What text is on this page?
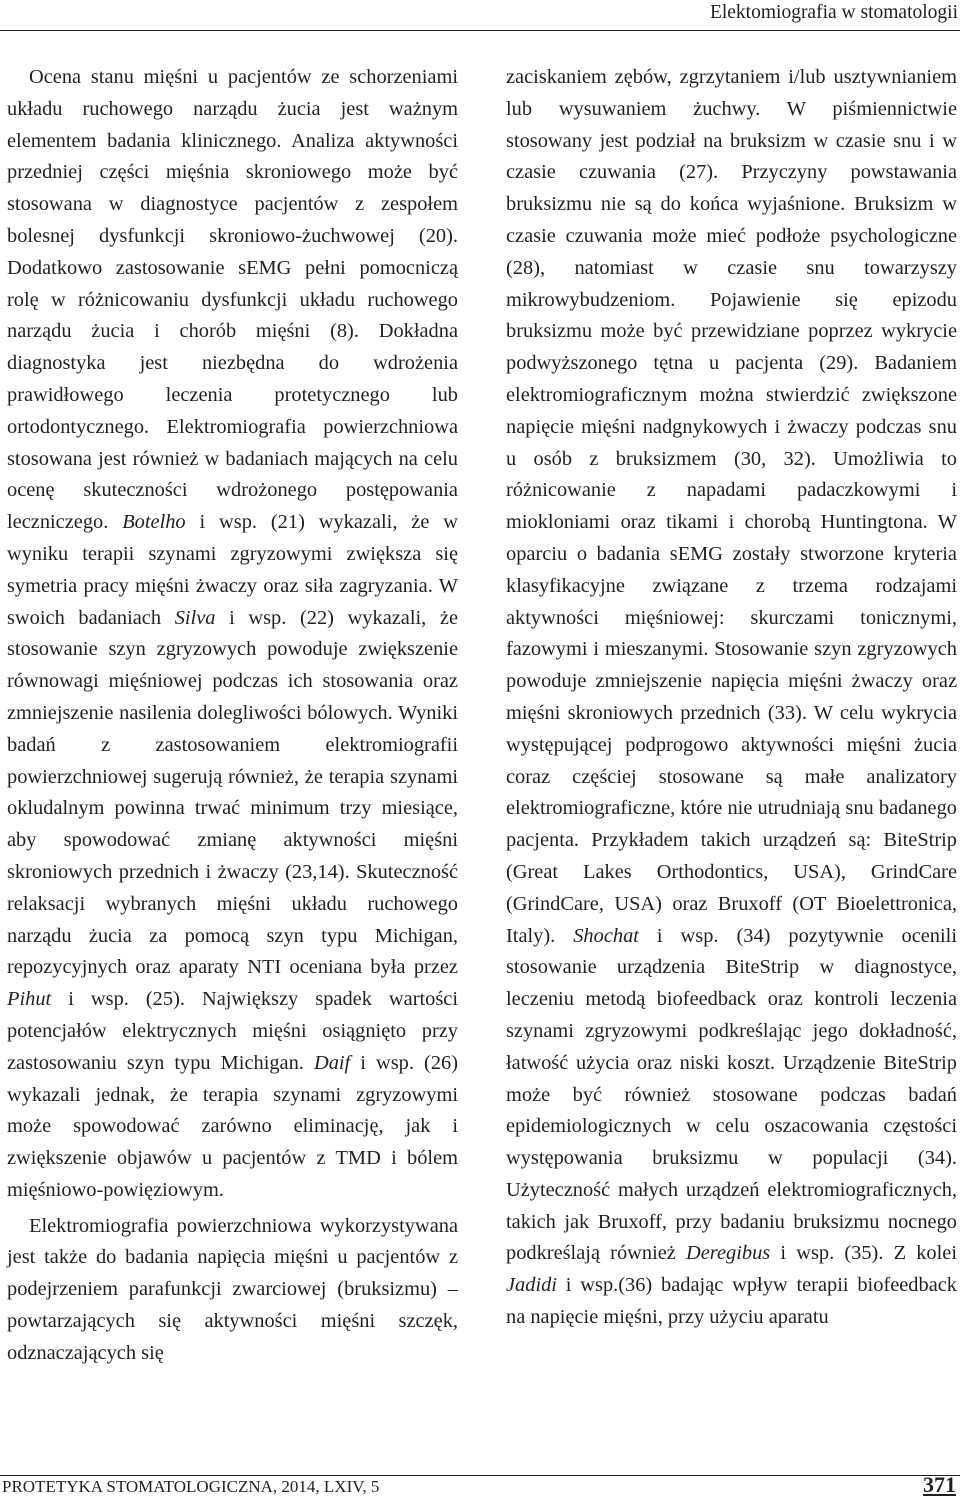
Elektomiografia w stomatologii

Ocena stanu mięśni u pacjentów ze schorzeniami układu ruchowego narządu żucia jest ważnym elementem badania klinicznego. Analiza aktywności przedniej części mięśnia skroniowego może być stosowana w diagnostyce pacjentów z zespołem bolesnej dysfunkcji skroniowo-żuchwowej (20). Dodatkowo zastosowanie sEMG pełni pomocniczą rolę w różnicowaniu dysfunkcji układu ruchowego narządu żucia i chorób mięśni (8). Dokładna diagnostyka jest niezbędna do wdrożenia prawidłowego leczenia protetycznego lub ortodontycznego. Elektromiografia powierzchniowa stosowana jest również w badaniach mających na celu ocenę skuteczności wdrożonego postępowania leczniczego. Botelho i wsp. (21) wykazali, że w wyniku terapii szynami zgryzowymi zwiększa się symetria pracy mięśni żwaczy oraz siła zagryzania. W swoich badaniach Silva i wsp. (22) wykazali, że stosowanie szyn zgryzowych powoduje zwiększenie równowagi mięśniowej podczas ich stosowania oraz zmniejszenie nasilenia dolegliwości bólowych. Wyniki badań z zastosowaniem elektromiografii powierzchniowej sugerują również, że terapia szynami okludalnym powinna trwać minimum trzy miesiące, aby spowodować zmianę aktywności mięśni skroniowych przednich i żwaczy (23,14). Skuteczność relaksacji wybranych mięśni układu ruchowego narządu żucia za pomocą szyn typu Michigan, repozycyjnych oraz aparaty NTI oceniana była przez Pihut i wsp. (25). Największy spadek wartości potencjałów elektrycznych mięśni osiągnięto przy zastosowaniu szyn typu Michigan. Daif i wsp. (26) wykazali jednak, że terapia szynami zgryzowymi może spowodować zarówno eliminację, jak i zwiększenie objawów u pacjentów z TMD i bólem mięśniowo-powięziowym.

Elektromiografia powierzchniowa wykorzystywana jest także do badania napięcia mięśni u pacjentów z podejrzeniem parafunkcji zwarciowej (bruksizmu) – powtarzających się aktywności mięśni szczęk, odznaczających się

zaciskaniem zębów, zgrzytaniem i/lub usztywnianiem lub wysuwaniem żuchwy. W piśmiennictwie stosowany jest podział na bruksizm w czasie snu i w czasie czuwania (27). Przyczyny powstawania bruksizmu nie są do końca wyjaśnione. Bruksizm w czasie czuwania może mieć podłoże psychologiczne (28), natomiast w czasie snu towarzyszy mikrowybudzeniom. Pojawienie się epizodu bruksizmu może być przewidziane poprzez wykrycie podwyższonego tętna u pacjenta (29). Badaniem elektromiograficznym można stwierdzić zwiększone napięcie mięśni nadgnykowych i żwaczy podczas snu u osób z bruksizmem (30, 32). Umożliwia to różnicowanie z napadami padaczkowymi i miokloniami oraz tikami i chorobą Huntingtona. W oparciu o badania sEMG zostały stworzone kryteria klasyfikacyjne związane z trzema rodzajami aktywności mięśniowej: skurczami tonicznymi, fazowymi i mieszanymi. Stosowanie szyn zgryzowych powoduje zmniejszenie napięcia mięśni żwaczy oraz mięśni skroniowych przednich (33). W celu wykrycia występującej podprogowo aktywności mięśni żucia coraz częściej stosowane są małe analizatory elektromiograficzne, które nie utrudniają snu badanego pacjenta. Przykładem takich urządzeń są: BiteStrip (Great Lakes Orthodontics, USA), GrindCare (GrindCare, USA) oraz Bruxoff (OT Bioelettronica, Italy). Shochat i wsp. (34) pozytywnie ocenili stosowanie urządzenia BiteStrip w diagnostyce, leczeniu metodą biofeedback oraz kontroli leczenia szynami zgryzowymi podkreślając jego dokładność, łatwość użycia oraz niski koszt. Urządzenie BiteStrip może być również stosowane podczas badań epidemiologicznych w celu oszacowania częstości występowania bruksizmu w populacji (34). Użyteczność małych urządzeń elektromiograficznych, takich jak Bruxoff, przy badaniu bruksizmu nocnego podkreślają również Deregibus i wsp. (35). Z kolei Jadidi i wsp.(36) badając wpływ terapii biofeedback na napięcie mięśni, przy użyciu aparatu

PROTETYKA STOMATOLOGICZNA, 2014, LXIV, 5	371
